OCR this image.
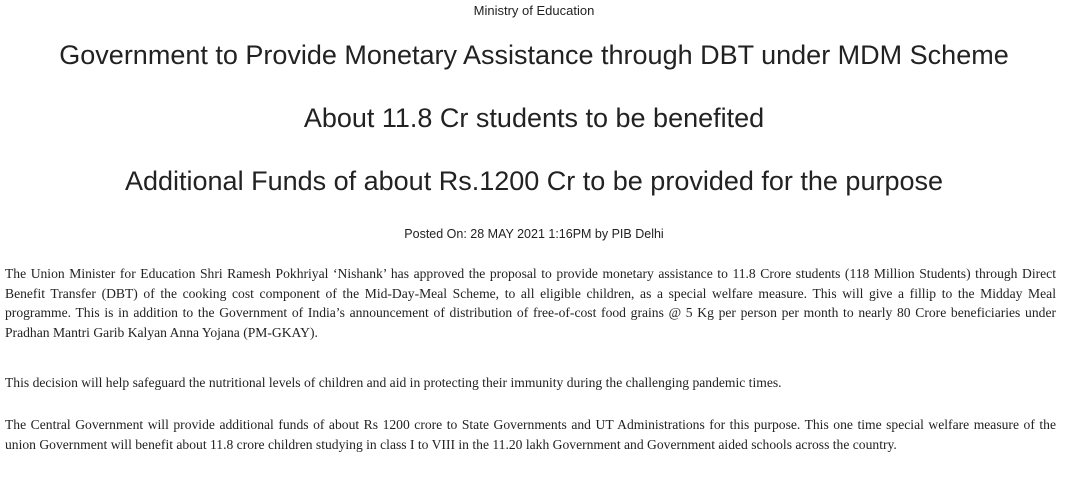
Ministry of Education
Government to Provide Monetary Assistance through DBT under MDM Scheme
About 11.8 Cr students to be benefited
Additional Funds of about Rs.1200 Cr to be provided for the purpose
Posted On: 28 MAY 2021 1:16PM by PIB Delhi

The Union Minister for Education Shri Ramesh Pokhriyal ‘Nishank’ has approved the proposal to provide monetary assistance to 11.8 Crore students (118 Million Students) through Direct Benefit Transfer (DBT) of the cooking cost component of the Mid-Day-Meal Scheme, to all eligible children, as a special welfare measure. This will give a fillip to the Midday Meal programme. This is in addition to the Government of India’s announcement of distribution of free-of-cost food grains @ 5 Kg per person per month to nearly 80 Crore beneficiaries under Pradhan Mantri Garib Kalyan Anna Yojana (PM-GKAY).

This decision will help safeguard the nutritional levels of children and aid in protecting their immunity during the challenging pandemic times.

The Central Government will provide additional funds of about Rs 1200 crore to State Governments and UT Administrations for this purpose. This one time special welfare measure of the union Government will benefit about 11.8 crore children studying in class I to VIII in the 11.20 lakh Government and Government aided schools across the country.
